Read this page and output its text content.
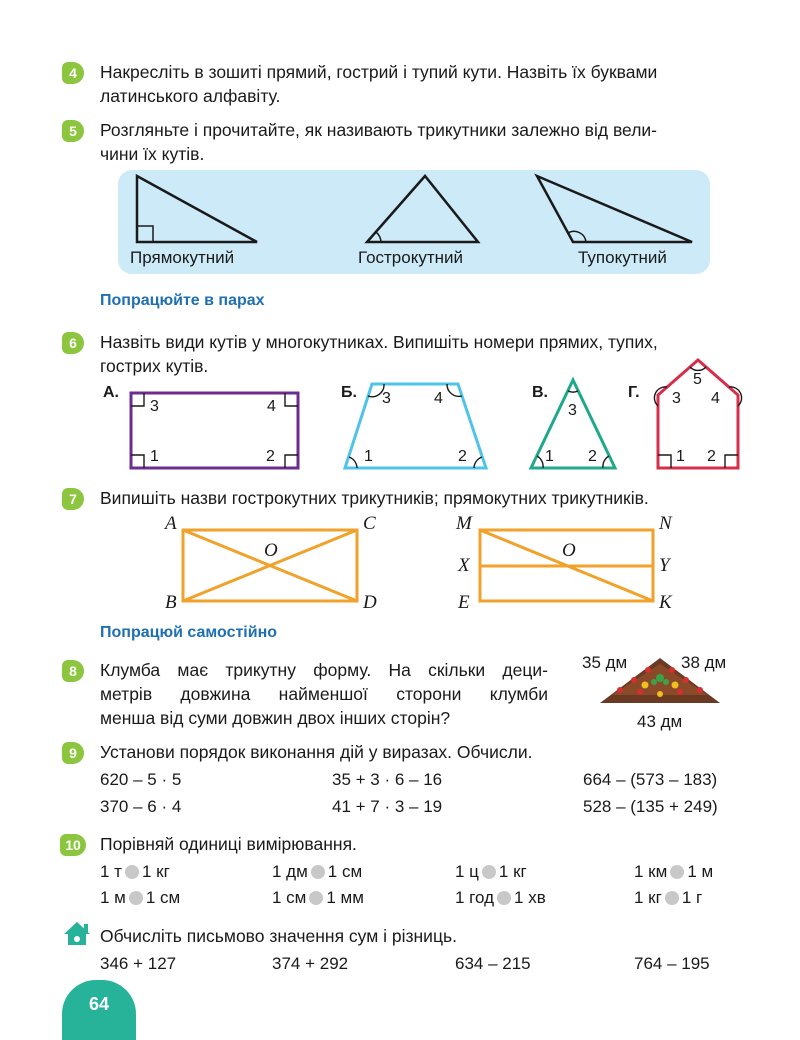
4	Накресліть в зошиті прямий, гострий і тупий кути. Назвіть їх буквами
латинського алфавіту.
5	Розгляньте і прочитайте, як називають трикутники залежно від вели-
чини їх кутів.
Прямокутний	Гострокутний	Тупокутний
Попрацюйте в парах
6	Назвіть види кутів у многокутниках. Випишіть номери прямих, тупих,
гострих кутів.
А.
3	4
1	2
Б. 3	4
1	2
В.
3
1 2
Г.
5
3 4
1 2
7	Випишіть назви гострокутних трикутників; прямокутних трикутників.
A	C
O
B	D
M	N
O
X	Y
E	K
Попрацюй самостійно
8	Клумба має трикутну форму. На скільки деци-
метрів довжина найменшої сторони клумби
менша від суми довжин двох інших сторін?
35 дм	38 дм
43 дм
9	Установи порядок виконання дій у виразах. Обчисли.
620 – 5 · 5	35 + 3 · 6 – 16	664 – (573 – 183)
370 – 6 · 4	41 + 7 · 3 – 19	528 – (135 + 249)
10 Порівняй одиниці вимірювання.
1 т 1 кг	1 дм 1 см	1 ц 1 кг	1 км 1 м
1 м 1 см	1 см 1 мм	1 год 1 хв	1 кг 1 г
Обчисліть письмово значення сум і різниць.
346 + 127	374 + 292	634 – 215	764 – 195
64
